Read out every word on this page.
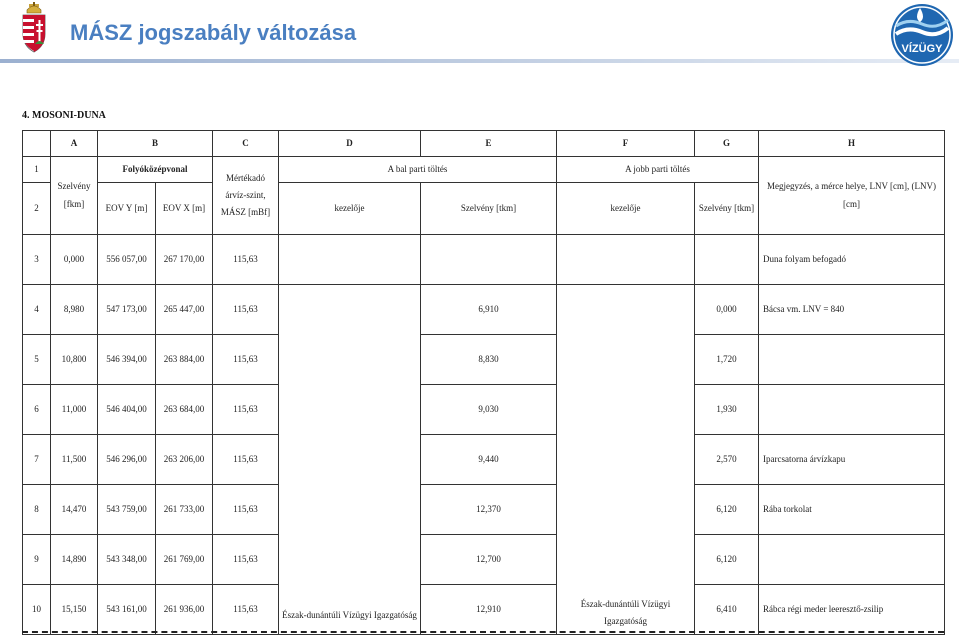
MÁSZ jogszabály változása
VÍZÜGY
4. MOSONI-DUNA
	A	B		C	D	E	F	G	H
1	Szelvény [fkm]	Folyóközépvonal		Mértékadó árvíz-szint, MÁSZ [mBf]	A bal parti töltés		A jobb parti töltés		Megjegyzés, a mérce helye, LNV [cm], (LNV) [cm]
2		EOV Y [m]	EOV X [m]		kezelője	Szelvény [tkm]	kezelője	Szelvény [tkm]	
3	0,000	556 057,00	267 170,00	115,63					Duna folyam befogadó
4	8,980	547 173,00	265 447,00	115,63	Észak-dunántúli Vízügyi Igazgatóság	6,910	Észak-dunántúli Vízügyi Igazgatóság	0,000	Bácsa vm. LNV = 840
5	10,800	546 394,00	263 884,00	115,63		8,830		1,720	
6	11,000	546 404,00	263 684,00	115,63		9,030		1,930	
7	11,500	546 296,00	263 206,00	115,63		9,440		2,570	Iparcsatorna árvízkapu
8	14,470	543 759,00	261 733,00	115,63		12,370		6,120	Rába torkolat
9	14,890	543 348,00	261 769,00	115,63		12,700		6,120	
10	15,150	543 161,00	261 936,00	115,63		12,910		6,410	Rábca régi meder leeresztő-zsilip
